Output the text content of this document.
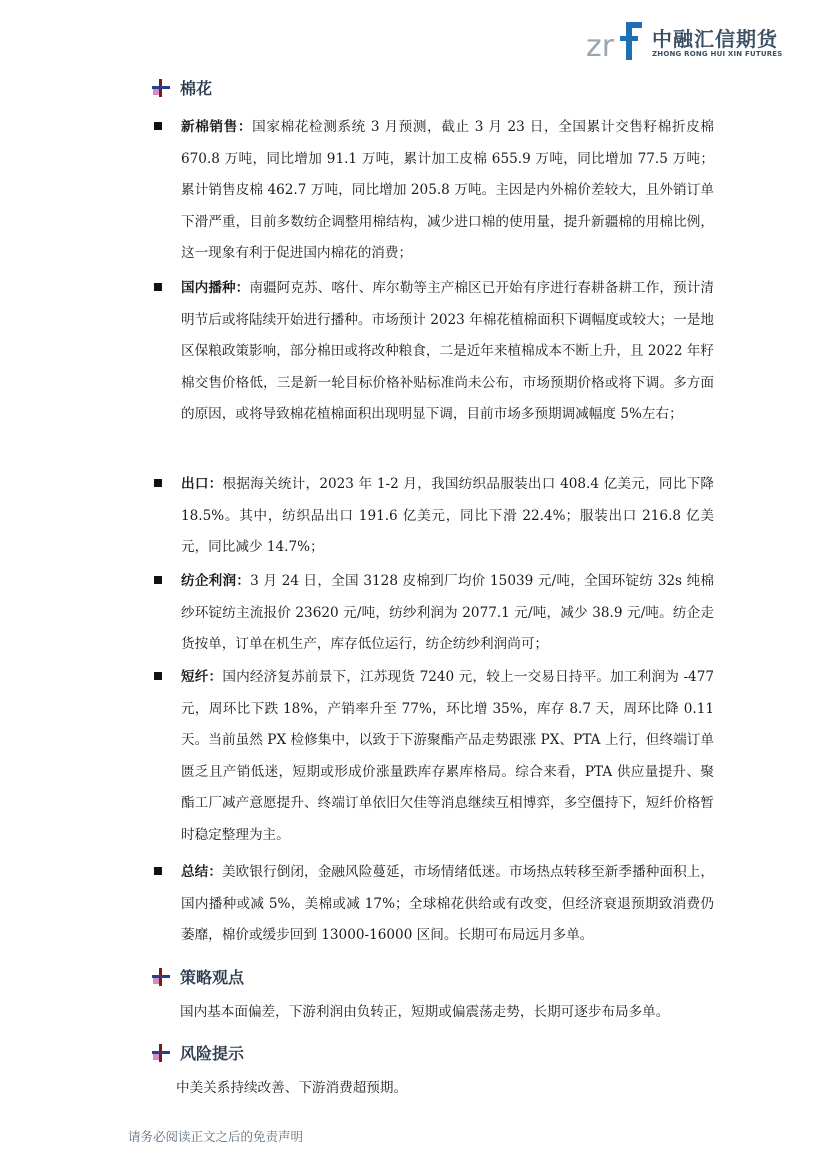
zr 中融汇信期货
ZHONG RONG HUI XIN FUTURES
棉花
新棉销售：国家棉花检测系统 3 月预测，截止 3 月 23 日，全国累计交售籽棉折皮棉 670.8 万吨，同比增加 91.1 万吨，累计加工皮棉 655.9 万吨，同比增加 77.5 万吨；累计销售皮棉 462.7 万吨，同比增加 205.8 万吨。主因是内外棉价差较大，且外销订单下滑严重，目前多数纺企调整用棉结构，减少进口棉的使用量，提升新疆棉的用棉比例，这一现象有利于促进国内棉花的消费；
国内播种：南疆阿克苏、喀什、库尔勒等主产棉区已开始有序进行春耕备耕工作，预计清明节后或将陆续开始进行播种。市场预计 2023 年棉花植棉面积下调幅度或较大；一是地区保粮政策影响，部分棉田或将改种粮食，二是近年来植棉成本不断上升，且 2022 年籽棉交售价格低，三是新一轮目标价格补贴标准尚未公布，市场预期价格或将下调。多方面的原因，或将导致棉花植棉面积出现明显下调，目前市场多预期调减幅度 5%左右；
出口：根据海关统计，2023 年 1-2 月，我国纺织品服装出口 408.4 亿美元，同比下降 18.5%。其中，纺织品出口 191.6 亿美元，同比下滑 22.4%；服装出口 216.8 亿美元，同比减少 14.7%；
纺企利润：3 月 24 日，全国 3128 皮棉到厂均价 15039 元/吨，全国环锭纺 32s 纯棉纱环锭纺主流报价 23620 元/吨，纺纱利润为 2077.1 元/吨，减少 38.9 元/吨。纺企走货按单，订单在机生产，库存低位运行，纺企纺纱利润尚可；
短纤：国内经济复苏前景下，江苏现货 7240 元，较上一交易日持平。加工利润为 -477 元，周环比下跌 18%，产销率升至 77%，环比增 35%，库存 8.7 天，周环比降 0.11 天。当前虽然 PX 检修集中，以致于下游聚酯产品走势跟涨 PX、PTA 上行，但终端订单匮乏且产销低迷，短期或形成价涨量跌库存累库格局。综合来看，PTA 供应量提升、聚酯工厂减产意愿提升、终端订单依旧欠佳等消息继续互相博弈，多空僵持下，短纤价格暂时稳定整理为主。
总结：美欧银行倒闭，金融风险蔓延，市场情绪低迷。市场热点转移至新季播种面积上，国内播种或减 5%，美棉或减 17%；全球棉花供给或有改变，但经济衰退预期致消费仍萎靡，棉价或缓步回到 13000-16000 区间。长期可布局远月多单。
策略观点
国内基本面偏差，下游利润由负转正，短期或偏震荡走势，长期可逐步布局多单。
风险提示
中美关系持续改善、下游消费超预期。
请务必阅读正文之后的免责声明
